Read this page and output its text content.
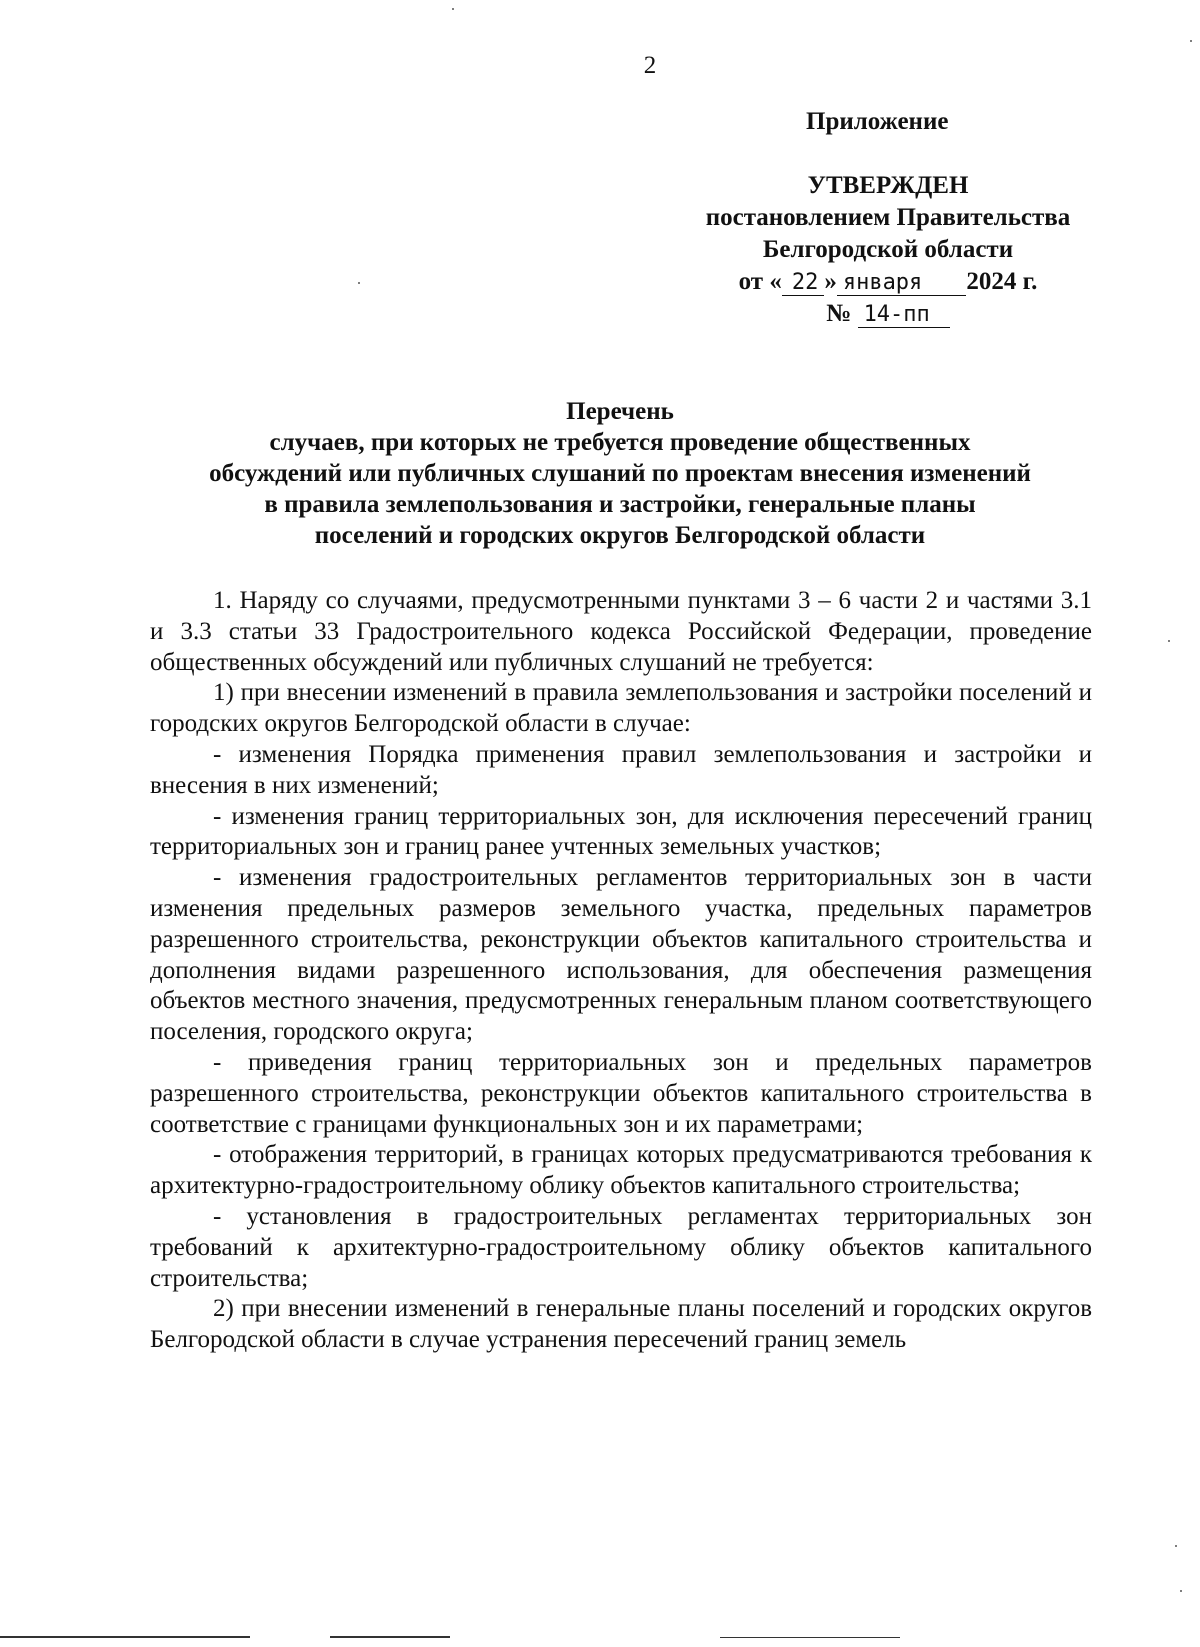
2
Приложение
УТВЕРЖДЕН
постановлением Правительства
Белгородской области
от « 22 » января 2024 г.
№ 14-пп
Перечень
случаев, при которых не требуется проведение общественных
обсуждений или публичных слушаний по проектам внесения изменений
в правила землепользования и застройки, генеральные планы
поселений и городских округов Белгородской области

1. Наряду со случаями, предусмотренными пунктами 3 – 6 части 2 и частями 3.1 и 3.3 статьи 33 Градостроительного кодекса Российской Федерации, проведение общественных обсуждений или публичных слушаний не требуется:

1) при внесении изменений в правила землепользования и застройки поселений и городских округов Белгородской области в случае:

- изменения Порядка применения правил землепользования и застройки и внесения в них изменений;

- изменения границ территориальных зон, для исключения пересечений границ территориальных зон и границ ранее учтенных земельных участков;

- изменения градостроительных регламентов территориальных зон в части изменения предельных размеров земельного участка, предельных параметров разрешенного строительства, реконструкции объектов капитального строительства и дополнения видами разрешенного использования, для обеспечения размещения объектов местного значения, предусмотренных генеральным планом соответствующего поселения, городского округа;

- приведения границ территориальных зон и предельных параметров разрешенного строительства, реконструкции объектов капитального строительства в соответствие с границами функциональных зон и их параметрами;

- отображения территорий, в границах которых предусматриваются требования к архитектурно-градостроительному облику объектов капитального строительства;

- установления в градостроительных регламентах территориальных зон требований к архитектурно-градостроительному облику объектов капитального строительства;

2) при внесении изменений в генеральные планы поселений и городских округов Белгородской области в случае устранения пересечений границ земель
